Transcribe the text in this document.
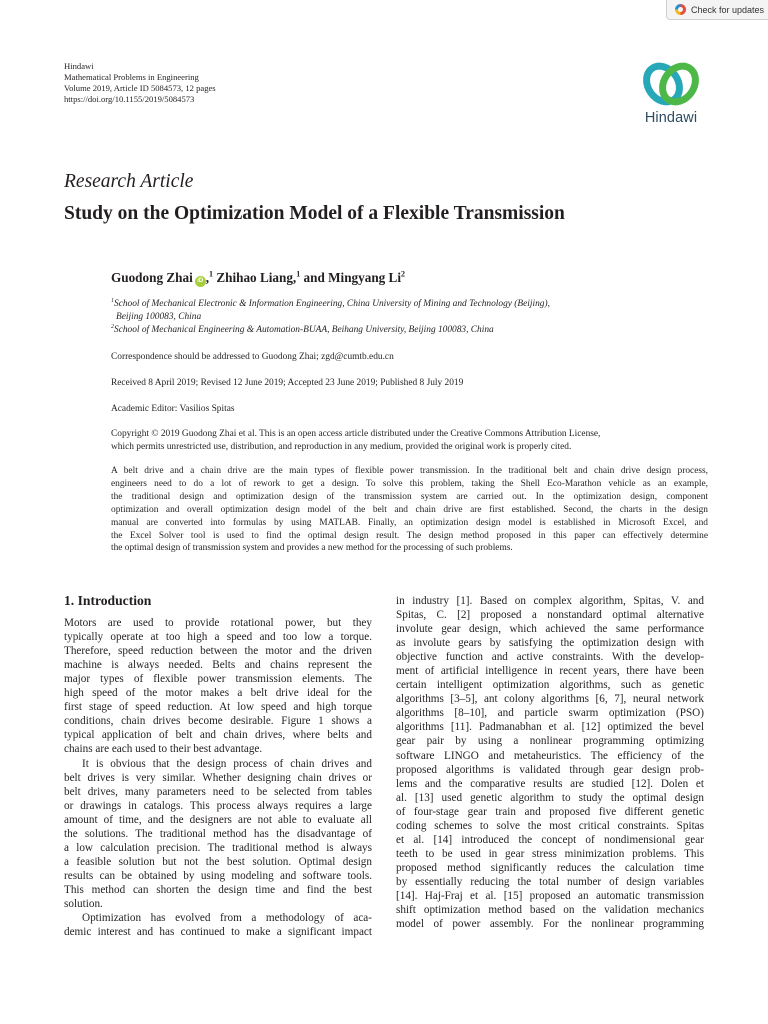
Check for updates
Hindawi
Mathematical Problems in Engineering
Volume 2019, Article ID 5084573, 12 pages
https://doi.org/10.1155/2019/5084573
Hindawi
Research Article
Study on the Optimization Model of a Flexible Transmission
Guodong Zhai iD ,$^1$ Zhihao Liang,$^1$ and Mingyang Li$^2$
$^1$School of Mechanical Electronic & Information Engineering, China University of Mining and Technology (Beijing),
Beijing 100083, China
$^2$School of Mechanical Engineering & Automation-BUAA, Beihang University, Beijing 100083, China
Correspondence should be addressed to Guodong Zhai; zgd@cumtb.edu.cn
Received 8 April 2019; Revised 12 June 2019; Accepted 23 June 2019; Published 8 July 2019
Academic Editor: Vasilios Spitas
Copyright © 2019 Guodong Zhai et al. This is an open access article distributed under the Creative Commons Attribution License,
which permits unrestricted use, distribution, and reproduction in any medium, provided the original work is properly cited.
A belt drive and a chain drive are the main types of flexible power transmission. In the traditional belt and chain drive design process,
engineers need to do a lot of rework to get a design. To solve this problem, taking the Shell Eco-Marathon vehicle as an example,
the traditional design and optimization design of the transmission system are carried out. In the optimization design, component
optimization and overall optimization design model of the belt and chain drive are first established. Second, the charts in the design
manual are converted into formulas by using MATLAB. Finally, an optimization design model is established in Microsoft Excel, and
the Excel Solver tool is used to find the optimal design result. The design method proposed in this paper can effectively determine
the optimal design of transmission system and provides a new method for the processing of such problems.
1. Introduction
Motors are used to provide rotational power, but they
typically operate at too high a speed and too low a torque.
Therefore, speed reduction between the motor and the driven
machine is always needed. Belts and chains represent the
major types of flexible power transmission elements. The
high speed of the motor makes a belt drive ideal for the
first stage of speed reduction. At low speed and high torque
conditions, chain drives become desirable. Figure 1 shows a
typical application of belt and chain drives, where belts and
chains are each used to their best advantage.
It is obvious that the design process of chain drives and
belt drives is very similar. Whether designing chain drives or
belt drives, many parameters need to be selected from tables
or drawings in catalogs. This process always requires a large
amount of time, and the designers are not able to evaluate all
the solutions. The traditional method has the disadvantage of
a low calculation precision. The traditional method is always
a feasible solution but not the best solution. Optimal design
results can be obtained by using modeling and software tools.
This method can shorten the design time and find the best
solution.
Optimization has evolved from a methodology of aca-
demic interest and has continued to make a significant impact
in industry [1]. Based on complex algorithm, Spitas, V. and
Spitas, C. [2] proposed a nonstandard optimal alternative
involute gear design, which achieved the same performance
as involute gears by satisfying the optimization design with
objective function and active constraints. With the develop-
ment of artificial intelligence in recent years, there have been
certain intelligent optimization algorithms, such as genetic
algorithms [3–5], ant colony algorithms [6, 7], neural network
algorithms [8–10], and particle swarm optimization (PSO)
algorithms [11]. Padmanabhan et al. [12] optimized the bevel
gear pair by using a nonlinear programming optimizing
software LINGO and metaheuristics. The efficiency of the
proposed algorithms is validated through gear design prob-
lems and the comparative results are studied [12]. Dolen et
al. [13] used genetic algorithm to study the optimal design
of four-stage gear train and proposed five different genetic
coding schemes to solve the most critical constraints. Spitas
et al. [14] introduced the concept of nondimensional gear
teeth to be used in gear stress minimization problems. This
proposed method significantly reduces the calculation time
by essentially reducing the total number of design variables
[14]. Haj-Fraj et al. [15] proposed an automatic transmission
shift optimization method based on the validation mechanics
model of power assembly. For the nonlinear programming
